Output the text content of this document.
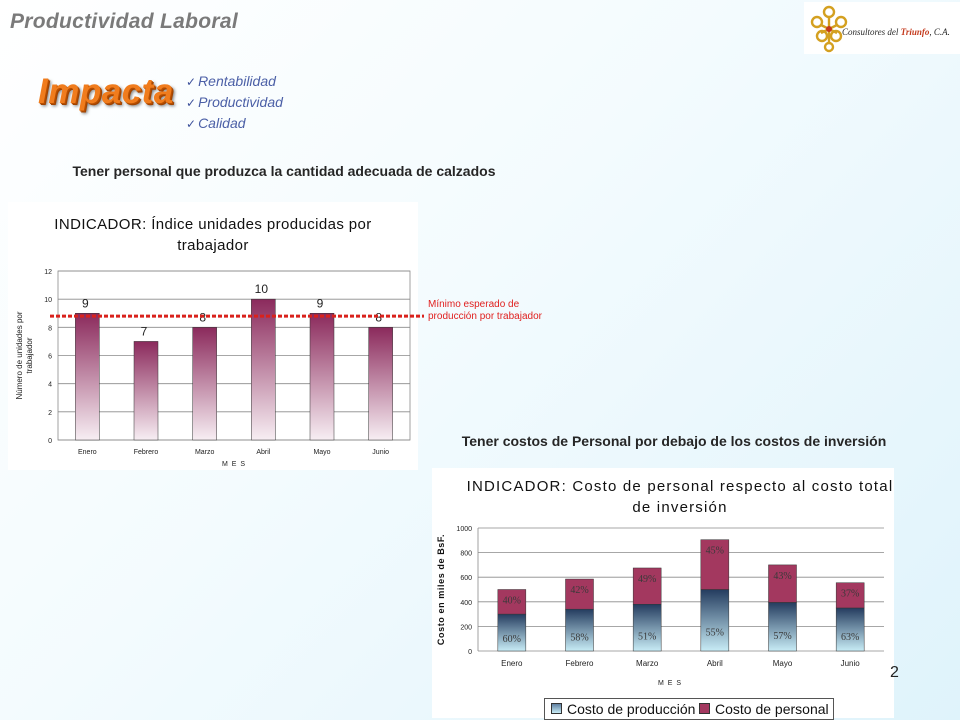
Productividad Laboral	Consultores del Triunfo, C.A.
Impacta ✓ Rentabilidad
✓ Productividad
✓ Calidad
Tener personal que produzca la cantidad adecuada de calzados
INDICADOR: Índice unidades producidas por trabajador
0
2
4
6
8
10
12
9
Enero
7
Febrero
8
Marzo
10
Abril
9
Mayo
8
Junio
M E S
Número de unidades portrabajador
Mínimo esperado de producción por trabajador
Tener costos de Personal por debajo de los costos de inversión
INDICADOR: Costo de personal respecto al costo total de inversión
0
200
400
600
800
1000
60%
40%
Enero
58%
42%
Febrero
51%
49%
Marzo
55%
45%
Abril
57%
43%
Mayo
63%
37%
Junio
M E S
Costo en miles de BsF.
Costo de producción	Costo de personal
2
